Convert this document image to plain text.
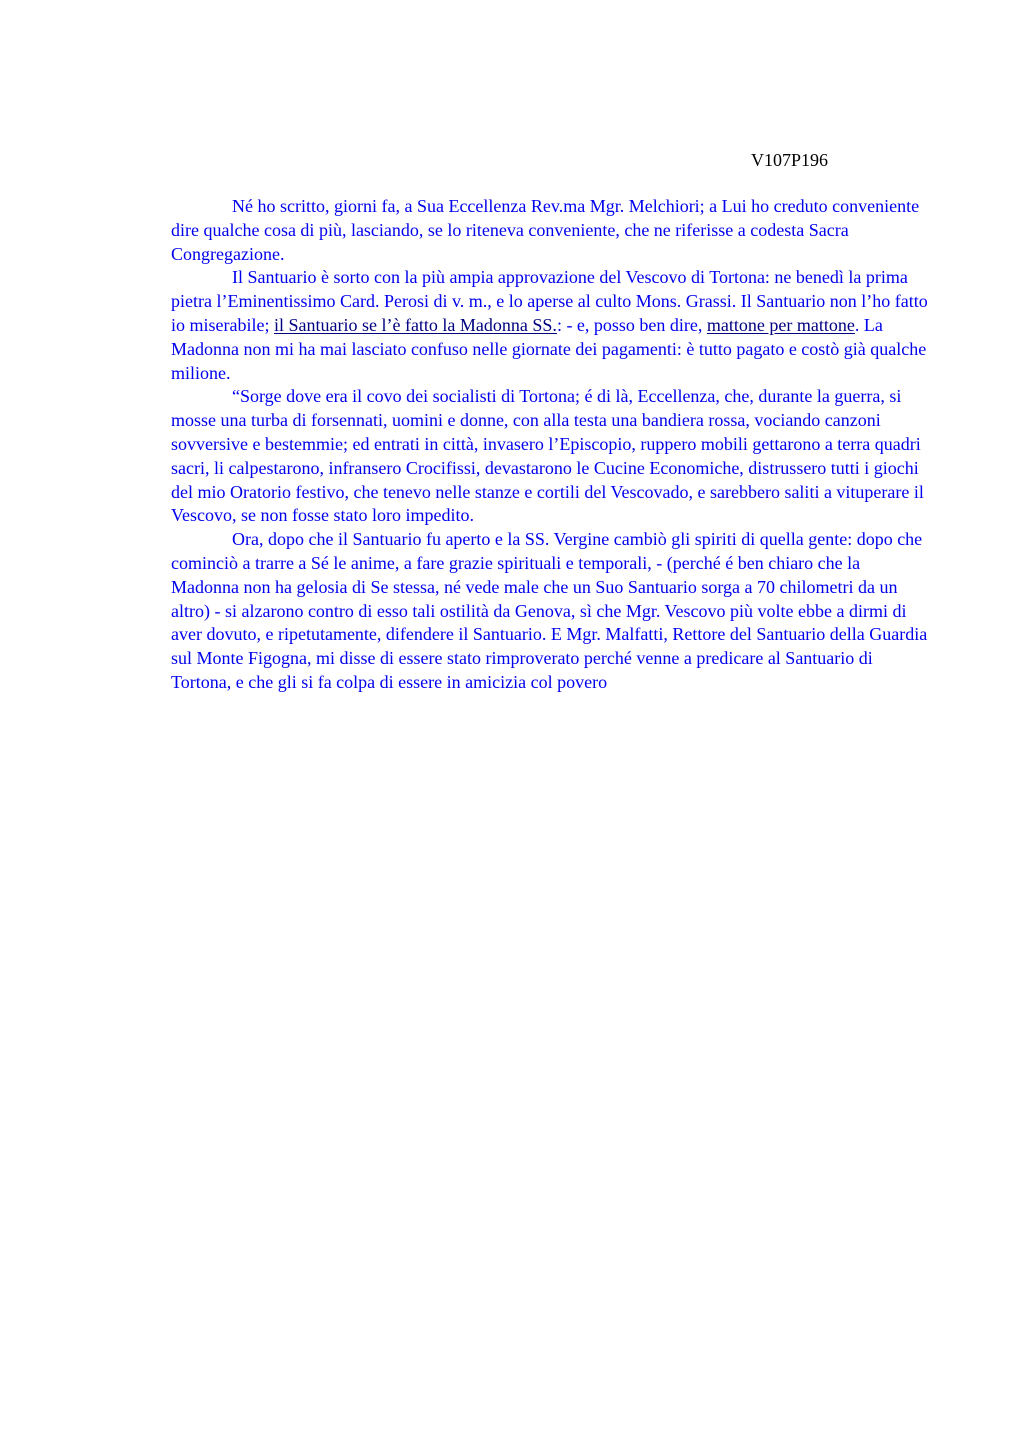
V107P196

Né ho scritto, giorni fa, a Sua Eccellenza Rev.ma Mgr. Melchiori; a Lui ho creduto conveniente dire qualche cosa di più, lasciando, se lo riteneva conveniente, che ne riferisse a codesta Sacra Congregazione.

Il Santuario è sorto con la più ampia approvazione del Vescovo di Tortona: ne benedì la prima pietra l’Eminentissimo Card. Perosi di v. m., e lo aperse al culto Mons. Grassi. Il Santuario non l’ho fatto io miserabile; il Santuario se l’è fatto la Madonna SS.: - e, posso ben dire, mattone per mattone. La Madonna non mi ha mai lasciato confuso nelle giornate dei pagamenti: è tutto pagato e costò già qualche milione.

“Sorge dove era il covo dei socialisti di Tortona; é di là, Eccellenza, che, durante la guerra, si mosse una turba di forsennati, uomini e donne, con alla testa una bandiera rossa, vociando canzoni sovversive e bestemmie; ed entrati in città, invasero l’Episcopio, ruppero mobili gettarono a terra quadri sacri, li calpestarono, infransero Crocifissi, devastarono le Cucine Economiche, distrussero tutti i giochi del mio Oratorio festivo, che tenevo nelle stanze e cortili del Vescovado, e sarebbero saliti a vituperare il Vescovo, se non fosse stato loro impedito.

Ora, dopo che il Santuario fu aperto e la SS. Vergine cambiò gli spiriti di quella gente: dopo che cominciò a trarre a Sé le anime, a fare grazie spirituali e temporali, - (perché é ben chiaro che la Madonna non ha gelosia di Se stessa, né vede male che un Suo Santuario sorga a 70 chilometri da un altro) - si alzarono contro di esso tali ostilità da Genova, sì che Mgr. Vescovo più volte ebbe a dirmi di aver dovuto, e ripetutamente, difendere il Santuario. E Mgr. Malfatti, Rettore del Santuario della Guardia sul Monte Figogna, mi disse di essere stato rimproverato perché venne a predicare al Santuario di Tortona, e che gli si fa colpa di essere in amicizia col povero
